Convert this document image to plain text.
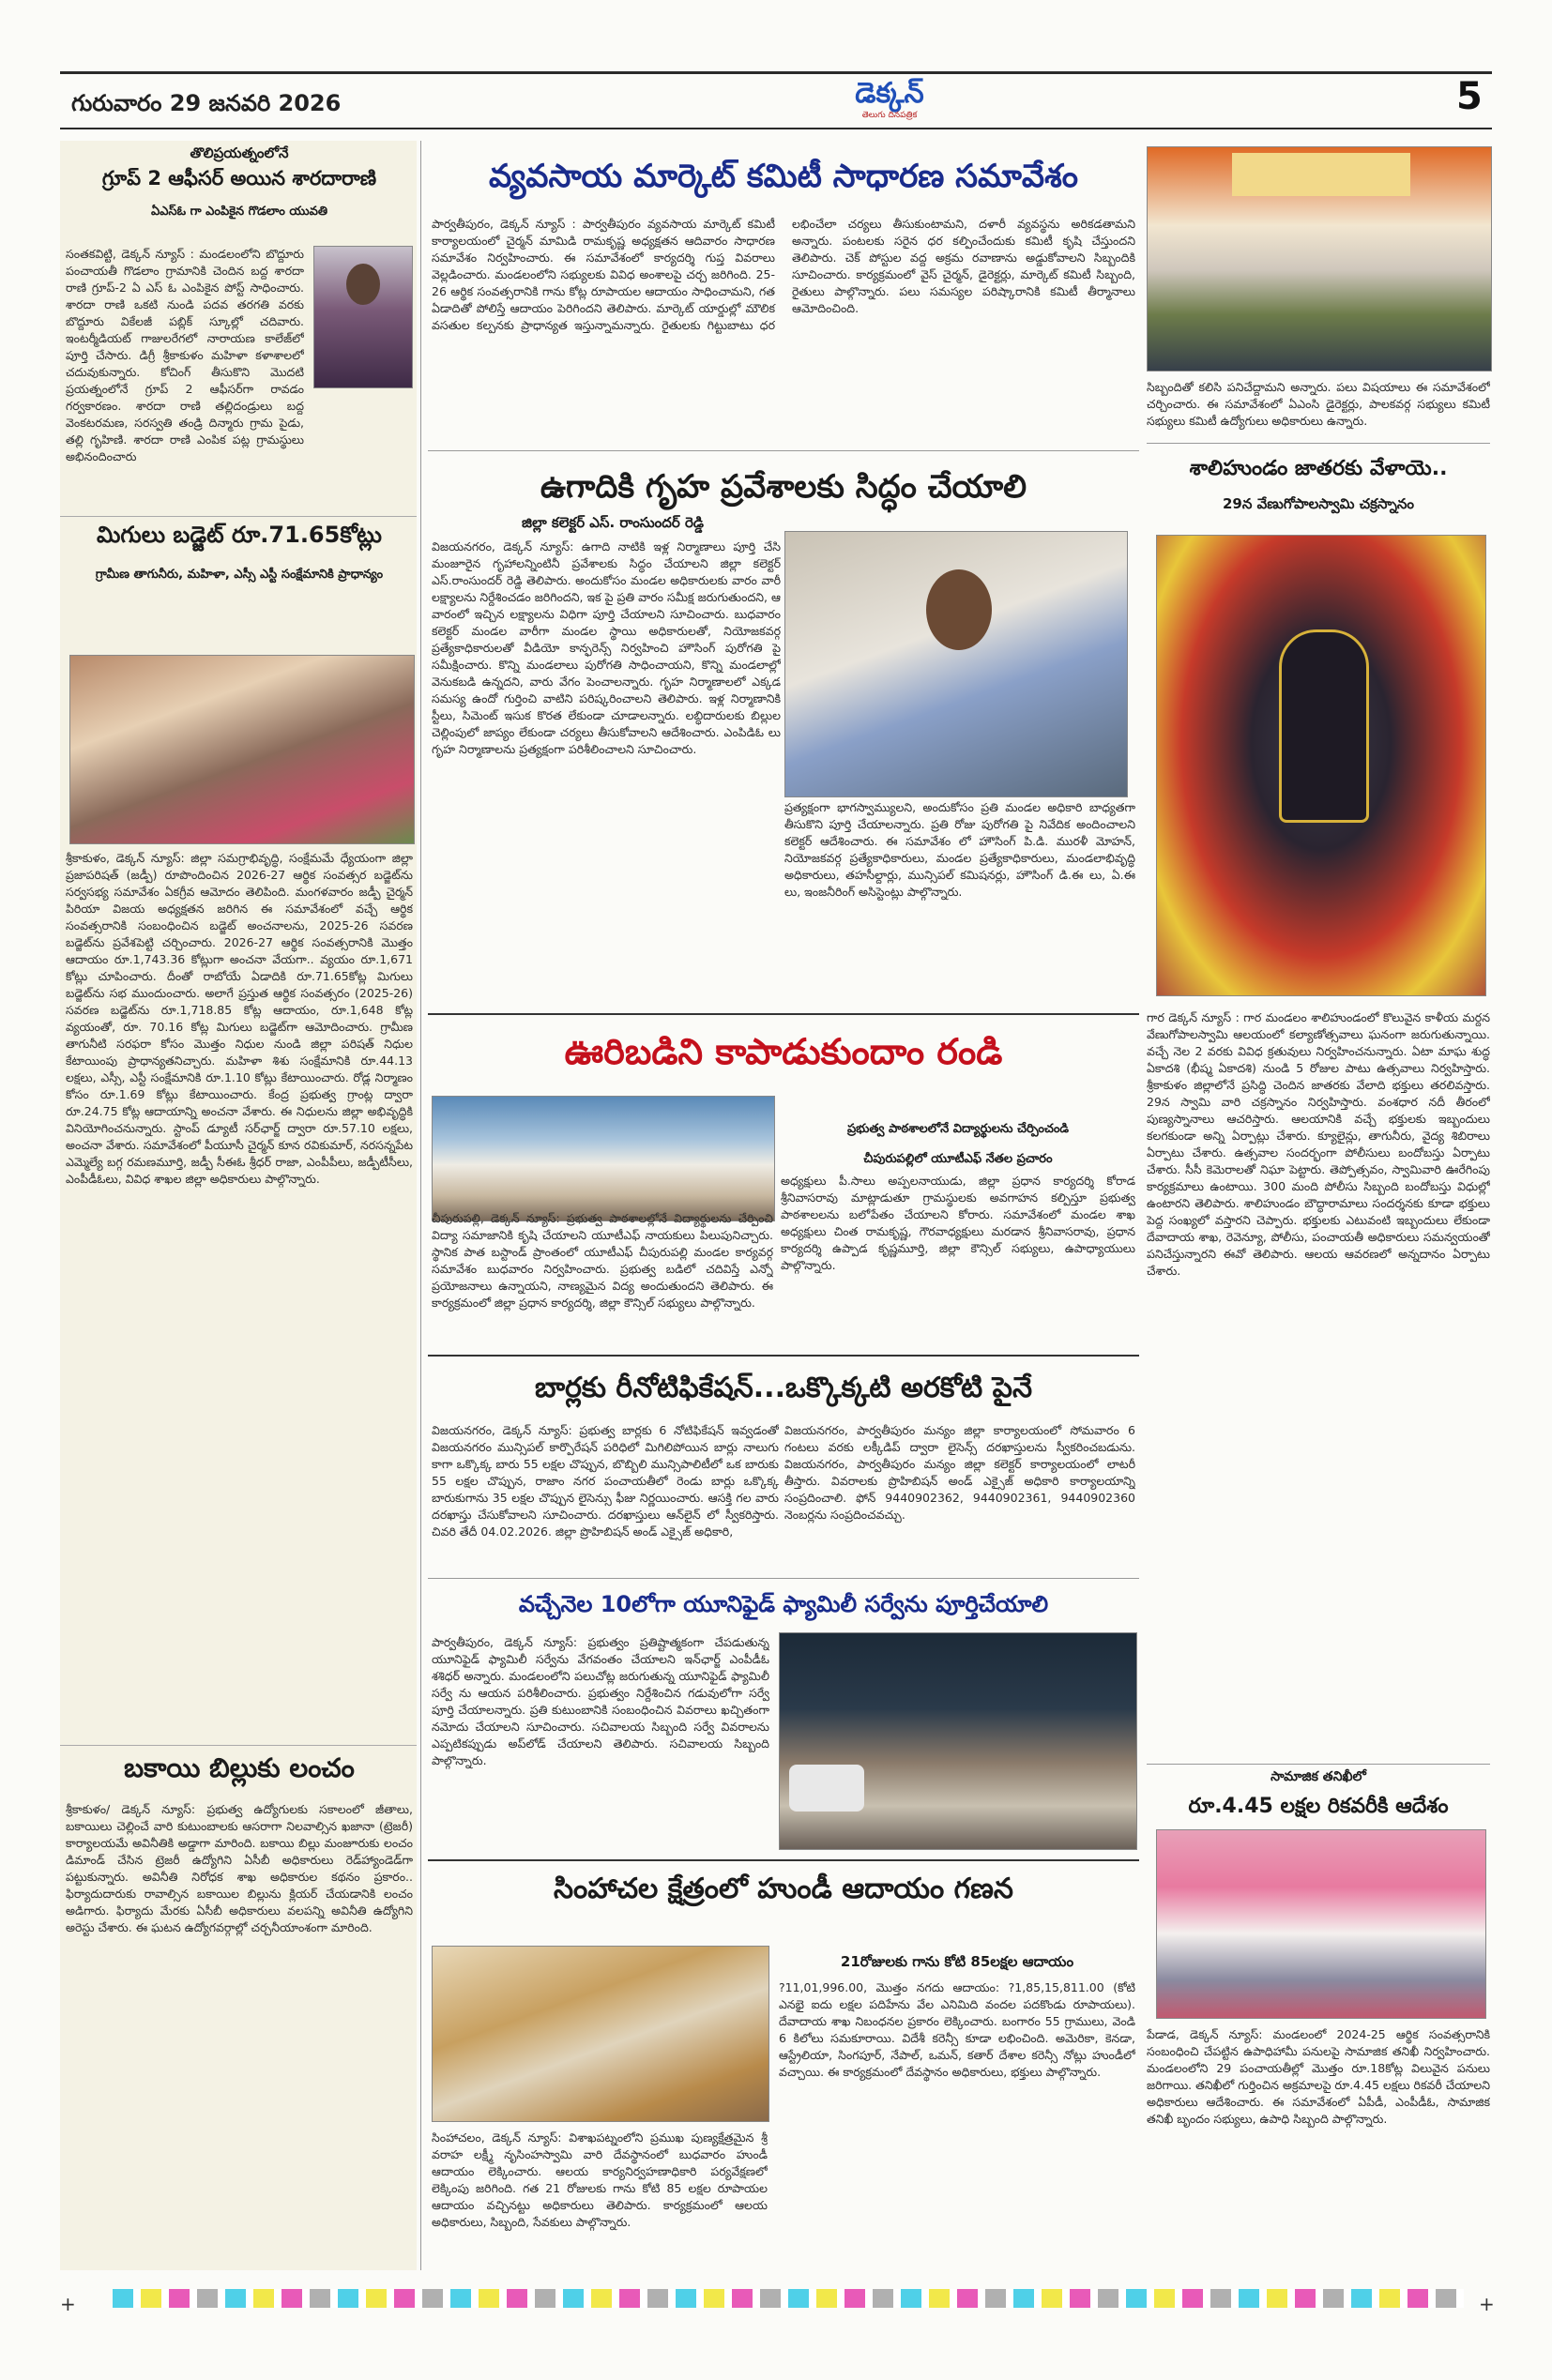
గురువారం 29 జనవరి 2026	డెక్కన్
తెలుగు దినపత్రిక	5
తొలిప్రయత్నంలోనే
గ్రూప్ 2 ఆఫీసర్ అయిన శారదారాణి
ఏఎస్‌ఓ గా ఎంపికైన గొడలాం యువతి
సంతకవిట్టి, డెక్కన్ న్యూస్ : మండలంలోని బొద్దూరు పంచాయతీ గొడలాం గ్రామానికి చెందిన బద్ద శారదా రాణి గ్రూప్-2 ఏ ఎస్ ఓ ఎంపికైన పోస్ట్ సాధించారు. శారదా రాణి ఒకటి నుండి పదవ తరగతి వరకు బొద్దూరు వికేలజీ పబ్లిక్ స్కూల్లో చదివారు. ఇంటర్మీడియట్ గాజులరేగ‌లో నారాయణ కాలేజ్‌లో పూర్తి చేసారు. డిగ్రీ శ్రీకాకుళం మహిళా కళాశాలలో చదువుకున్నారు. కోచింగ్ తీసుకొని మొదటి ప్రయత్నంలోనే గ్రూప్ 2 ఆఫీసర్‌గా రావడం గర్వకారణం. శారదా రాణి తల్లిదండ్రులు బద్ద వెంకటరమణ, సరస్వతి తండ్రి దిన్మారు గ్రామ పైడు, తల్లి గృహిణి. శారదా రాణి ఎంపిక పట్ల గ్రామస్థులు అభినందించారు
మిగులు బడ్జెట్ రూ.71.65కోట్లు
గ్రామీణ తాగునీరు, మహిళా, ఎస్సీ ఎస్టీ సంక్షేమానికి ప్రాధాన్యం
శ్రీకాకుళం, డెక్కన్ న్యూస్: జిల్లా సమగ్రాభివృద్ధి, సంక్షేమమే ధ్యేయంగా జిల్లా ప్రజాపరిషత్ (జడ్పీ) రూపొందించిన 2026-27 ఆర్థిక సంవత్సర బడ్జెట్‌ను సర్వసభ్య సమావేశం ఏకగ్రీవ ఆమోదం తెలిపింది. మంగళవారం జడ్పీ చైర్మన్ పిరియా విజయ అధ్యక్షతన జరిగిన ఈ సమావేశంలో వచ్చే ఆర్థిక సంవత్సరానికి సంబంధించిన బడ్జెట్ అంచనాలను, 2025-26 సవరణ బడ్జెట్‌ను ప్రవేశపెట్టి చర్చించారు. 2026-27 ఆర్థిక సంవత్సరానికి మొత్తం ఆదాయం రూ.1,743.36 కోట్లుగా అంచనా వేయగా.. వ్యయం రూ.1,671 కోట్లు చూపించారు. దీంతో రాబోయే ఏడాదికి రూ.71.65కోట్ల మిగులు బడ్జెట్‌ను సభ ముందుంచారు. అలాగే ప్రస్తుత ఆర్థిక సంవత్సరం (2025-26) సవరణ బడ్జెట్‌ను రూ.1,718.85 కోట్ల ఆదాయం, రూ.1,648 కోట్ల వ్యయంతో, రూ. 70.16 కోట్ల మిగులు బడ్జెట్‌గా ఆమోదించారు. గ్రామీణ తాగునీటి సరఫరా కోసం మొత్తం నిధుల నుండి జిల్లా పరిషత్ నిధుల కేటాయింపు ప్రాధాన్యతనిచ్చారు. మహిళా శిశు సంక్షేమానికి రూ.44.13 లక్షలు, ఎస్సీ, ఎస్టీ సంక్షేమానికి రూ.1.10 కోట్లు కేటాయించారు. రోడ్ల నిర్మాణం కోసం రూ.1.69 కోట్లు కేటాయించారు. కేంద్ర ప్రభుత్వ గ్రాంట్ల ద్వారా రూ.24.75 కోట్ల ఆదాయాన్ని అంచనా వేశారు. ఈ నిధులను జిల్లా అభివృద్ధికి వినియోగించనున్నారు. స్టాంప్ డ్యూటీ సర్‌ఛార్జ్ ద్వారా రూ.57.10 లక్షలు, అంచనా వేశారు. సమావేశంలో పీయూసీ చైర్మన్ కూన రవికుమార్, నరసన్నపేట ఎమ్మెల్యే బగ్గ రమణమూర్తి, జడ్పీ సీఈఓ శ్రీధర్ రాజా, ఎంపీపీలు, జడ్పీటీసీలు, ఎంపీడీఓలు, వివిధ శాఖల జిల్లా అధికారులు పాల్గొన్నారు.
బకాయి బిల్లుకు లంచం
శ్రీకాకుళం/ డెక్కన్ న్యూస్: ప్రభుత్వ ఉద్యోగులకు సకాలంలో జీతాలు, బకాయిలు చెల్లించే వారి కుటుంబాలకు ఆసరాగా నిలవాల్సిన ఖజానా (ట్రెజరీ) కార్యాలయమే అవినీతికి అడ్డాగా మారింది. బకాయి బిల్లు మంజూరుకు లంచం డిమాండ్ చేసిన ట్రెజరీ ఉద్యోగిని ఏసీబీ అధికారులు రెడ్‌హ్యాండెడ్‌గా పట్టుకున్నారు. అవినీతి నిరోధక శాఖ అధికారుల కథనం ప్రకారం.. ఫిర్యాదుదారుకు రావాల్సిన బకాయిల బిల్లును క్లియర్ చేయడానికి లంచం అడిగారు. ఫిర్యాదు మేరకు ఏసీబీ అధికారులు వలపన్ని అవినీతి ఉద్యోగిని అరెస్టు చేశారు. ఈ ఘటన ఉద్యోగవర్గాల్లో చర్చనీయాంశంగా మారింది.
వ్యవసాయ మార్కెట్ కమిటీ సాధారణ సమావేశం
పార్వతీపురం, డెక్కన్ న్యూస్ : పార్వతీపురం వ్యవసాయ మార్కెట్ కమిటీ కార్యాలయంలో చైర్మన్ మామిడి రామకృష్ణ అధ్యక్షతన ఆదివారం సాధారణ సమావేశం నిర్వహించారు. ఈ సమావేశంలో కార్యదర్శి గుప్త వివరాలు వెల్లడించారు. మండలంలోని సభ్యులకు వివిధ అంశాలపై చర్చ జరిగింది. 25-26 ఆర్థిక సంవత్సరానికి గాను కోట్ల రూపాయల ఆదాయం సాధించామని, గత ఏడాదితో పోలిస్తే ఆదాయం పెరిగిందని తెలిపారు. మార్కెట్ యార్డుల్లో మౌలిక వసతుల కల్పనకు ప్రాధాన్యత ఇస్తున్నామన్నారు. రైతులకు గిట్టుబాటు ధర లభించేలా చర్యలు తీసుకుంటామని, దళారీ వ్యవస్థను అరికడతామని అన్నారు. పంటలకు సరైన ధర కల్పించేందుకు కమిటీ కృషి చేస్తుందని తెలిపారు. చెక్ పోస్టుల వద్ద అక్రమ రవాణాను అడ్డుకోవాలని సిబ్బందికి సూచించారు. కార్యక్రమంలో వైస్ చైర్మన్, డైరెక్టర్లు, మార్కెట్ కమిటీ సిబ్బంది, రైతులు పాల్గొన్నారు. పలు సమస్యల పరిష్కారానికి కమిటీ తీర్మానాలు ఆమోదించింది.
సిబ్బందితో కలిసి పనిచేద్దామని అన్నారు. పలు విషయాలు ఈ సమావేశంలో చర్చించారు. ఈ సమావేశంలో ఏఎంసి డైరెక్టర్లు, పాలకవర్గ సభ్యులు కమిటీ సభ్యులు కమిటీ ఉద్యోగులు అధికారులు ఉన్నారు.
ఉగాదికి గృహ ప్రవేశాలకు సిద్ధం చేయాలి
జిల్లా కలెక్టర్ ఎస్. రాంసుందర్ రెడ్డి
విజయనగరం, డెక్కన్ న్యూస్: ఉగాది నాటికి ఇళ్ల నిర్మాణాలు పూర్తి చేసి మంజూరైన గృహాలన్నింటినీ ప్రవేశాలకు సిద్ధం చేయాలని జిల్లా కలెక్టర్ ఎస్.రాంసుందర్ రెడ్డి తెలిపారు. అందుకోసం మండల అధికారులకు వారం వారీ లక్ష్యాలను నిర్దేశించడం జరిగిందని, ఇక పై ప్రతి వారం సమీక్ష జరుగుతుందని, ఆ వారంలో ఇచ్చిన లక్ష్యాలను విధిగా పూర్తి చేయాలని సూచించారు. బుధవారం కలెక్టర్ మండల వారీగా మండల స్థాయి అధికారులతో, నియోజకవర్గ ప్రత్యేకాధికారులతో వీడియో కాన్ఫరెన్స్ నిర్వహించి హౌసింగ్ పురోగతి పై సమీక్షించారు. కొన్ని మండలాలు పురోగతి సాధించాయని, కొన్ని మండలాల్లో వెనుకబడి ఉన్నదని, వారు వేగం పెంచాలన్నారు. గృహ నిర్మాణాలలో ఎక్కడ సమస్య ఉందో గుర్తించి వాటిని పరిష్కరించాలని తెలిపారు. ఇళ్ల నిర్మాణానికి స్టీలు, సిమెంట్ ఇసుక కొరత లేకుండా చూడాలన్నారు. లబ్ధిదారులకు బిల్లుల చెల్లింపులో జాప్యం లేకుండా చర్యలు తీసుకోవాలని ఆదేశించారు. ఎంపిడిఓ లు గృహ నిర్మాణాలను ప్రత్యక్షంగా పరిశీలించాలని సూచించారు.
ప్రత్యక్షంగా భాగస్వామ్యులని, అందుకోసం ప్రతి మండల అధికారి బాధ్యతగా తీసుకొని పూర్తి చేయాలన్నారు. ప్రతి రోజు పురోగతి పై నివేదిక అందించాలని కలెక్టర్ ఆదేశించారు. ఈ సమావేశం లో హౌసింగ్ పి.డి. మురళీ మోహన్, నియోజకవర్గ ప్రత్యేకాధికారులు, మండల ప్రత్యేకాధికారులు, మండలాభివృద్ధి అధికారులు, తహసీల్దార్లు, మున్సిపల్ కమిషనర్లు, హౌసింగ్ డి.ఈ లు, ఏ.ఈ లు, ఇంజనీరింగ్ అసిస్టెంట్లు పాల్గొన్నారు.
శాలిహుండం జాతరకు వేళాయె..
29న వేణుగోపాలస్వామి చక్రస్నానం
గార డెక్కన్ న్యూస్ : గార మండలం శాలిహుండంలో కొలువైన కాళీయ మర్దన వేణుగోపాలస్వామి ఆలయంలో కల్యాణోత్సవాలు ఘనంగా జరుగుతున్నాయి. వచ్చే నెల 2 వరకు వివిధ క్రతువులు నిర్వహించనున్నారు. ఏటా మాఘ శుద్ధ ఏకాదశి (భీష్మ ఏకాదశి) నుండి 5 రోజుల పాటు ఉత్సవాలు నిర్వహిస్తారు. శ్రీకాకుళం జిల్లాలోనే ప్రసిద్ధి చెందిన జాతరకు వేలాది భక్తులు తరలివస్తారు. 29న స్వామి వారి చక్రస్నానం నిర్వహిస్తారు. వంశధార నదీ తీరంలో పుణ్యస్నానాలు ఆచరిస్తారు. ఆలయానికి వచ్చే భక్తులకు ఇబ్బందులు కలగకుండా అన్ని ఏర్పాట్లు చేశారు. క్యూలైన్లు, తాగునీరు, వైద్య శిబిరాలు ఏర్పాటు చేశారు. ఉత్సవాల సందర్భంగా పోలీసులు బందోబస్తు ఏర్పాటు చేశారు. సీసీ కెమెరాలతో నిఘా పెట్టారు. తెప్పోత్సవం, స్వామివారి ఊరేగింపు కార్యక్రమాలు ఉంటాయి. 300 మంది పోలీసు సిబ్బంది బందోబస్తు విధుల్లో ఉంటారని తెలిపారు. శాలిహుండం బౌద్ధారామాలు సందర్శనకు కూడా భక్తులు పెద్ద సంఖ్యలో వస్తారని చెప్పారు. భక్తులకు ఎటువంటి ఇబ్బందులు లేకుండా దేవాదాయ శాఖ, రెవెన్యూ, పోలీసు, పంచాయతీ అధికారులు సమన్వయంతో పనిచేస్తున్నారని ఈవో తెలిపారు. ఆలయ ఆవరణలో అన్నదానం ఏర్పాటు చేశారు.
సామాజిక తనిఖీలో
రూ.4.45 లక్షల రికవరీకి ఆదేశం
పేడాడ, డెక్కన్ న్యూస్: మండలంలో 2024-25 ఆర్థిక సంవత్సరానికి సంబంధించి చేపట్టిన ఉపాధిహామీ పనులపై సామాజిక తనిఖీ నిర్వహించారు. మండలంలోని 29 పంచాయతీల్లో మొత్తం రూ.18కోట్ల విలువైన పనులు జరిగాయి. తనిఖీలో గుర్తించిన అక్రమాలపై రూ.4.45 లక్షలు రికవరీ చేయాలని అధికారులు ఆదేశించారు. ఈ సమావేశంలో ఏపీడీ, ఎంపీడీఓ, సామాజిక తనిఖీ బృందం సభ్యులు, ఉపాధి సిబ్బంది పాల్గొన్నారు.
ఊరిబడిని కాపాడుకుందాం రండి
చీపురుపల్లి, డెక్కన్ న్యూస్: ప్రభుత్వ పాఠశాలల్లోనే విద్యార్థులను చేర్పించి విద్యా సమాజానికి కృషి చేయాలని యూటీఎఫ్ నాయకులు పిలుపునిచ్చారు. స్థానిక పాత బస్టాండ్ ప్రాంతంలో యూటీఎఫ్ చీపురుపల్లి మండల కార్యవర్గ సమావేశం బుధవారం నిర్వహించారు. ప్రభుత్వ బడిలో చదివిస్తే ఎన్నో ప్రయోజనాలు ఉన్నాయని, నాణ్యమైన విద్య అందుతుందని తెలిపారు. ఈ కార్యక్రమంలో జిల్లా ప్రధాన కార్యదర్శి, జిల్లా కౌన్సిల్ సభ్యులు పాల్గొన్నారు.
ప్రభుత్వ పాఠశాలలోనే విద్యార్థులను చేర్పించండి
చీపురుపల్లిలో యూటీఎఫ్ నేతల ప్రచారం
అధ్యక్షులు పీ.సాలు అప్పలనాయుడు, జిల్లా ప్రధాన కార్యదర్శి కోరాడ శ్రీనివాసరావు మాట్లాడుతూ గ్రామస్థులకు అవగాహన కల్పిస్తూ ప్రభుత్వ పాఠశాలలను బలోపేతం చేయాలని కోరారు. సమావేశంలో మండల శాఖ అధ్యక్షులు చింత రామకృష్ణ, గౌరవాధ్యక్షులు మరడాన శ్రీనివాసరావు, ప్రధాన కార్యదర్శి ఉప్పాడ కృష్ణమూర్తి, జిల్లా కౌన్సిల్ సభ్యులు, ఉపాధ్యాయులు పాల్గొన్నారు.
బార్లకు రీనోటిఫికేషన్...ఒక్కొక్కటి అరకోటి పైనే
విజయనగరం, డెక్కన్ న్యూస్: ప్రభుత్వ బార్లకు 6 నోటిఫికేషన్ ఇవ్వడంతో విజయనగరం మున్సిపల్ కార్పొరేషన్ పరిధిలో మిగిలిపోయిన బార్లు నాలుగు కాగా ఒక్కొక్క బారు 55 లక్షల చొప్పున, బొబ్బిలి మున్సిపాలిటీలో ఒక బారుకు 55 లక్షల చొప్పున, రాజాం నగర పంచాయతీలో రెండు బార్లు ఒక్కొక్క బారుకుగాను 35 లక్షల చొప్పున లైసెన్సు ఫీజు నిర్ణయించారు. ఆసక్తి గల వారు దరఖాస్తు చేసుకోవాలని సూచించారు. దరఖాస్తులు ఆన్‌లైన్ లో స్వీకరిస్తారు. చివరి తేదీ 04.02.2026. జిల్లా ప్రొహిబిషన్ అండ్ ఎక్సైజ్ అధికారి,
విజయనగరం, పార్వతీపురం మన్యం జిల్లా కార్యాలయంలో సోమవారం 6 గంటలు వరకు లక్కీడిప్ ద్వారా లైసెన్స్ దరఖాస్తులను స్వీకరించబడును. విజయనగరం, పార్వతీపురం మన్యం జిల్లా కలెక్టర్ కార్యాలయంలో లాటరీ తీస్తారు. వివరాలకు ప్రొహిబిషన్ అండ్ ఎక్సైజ్ అధికారి కార్యాలయాన్ని సంప్రదించాలి. ఫోన్ 9440902362, 9440902361, 9440902360 నెంబర్లను సంప్రదించవచ్చు.
వచ్చేనెల 10లోగా యూనిఫైడ్ ఫ్యామిలీ సర్వేను పూర్తిచేయాలి
పార్వతీపురం, డెక్కన్ న్యూస్: ప్రభుత్వం ప్రతిష్టాత్మకంగా చేపడుతున్న యూనిఫైడ్ ఫ్యామిలీ సర్వేను వేగవంతం చేయాలని ఇన్‌ఛార్జ్ ఎంపీడీఓ శశిధర్ అన్నారు. మండలంలోని పలుచోట్ల జరుగుతున్న యూనిఫైడ్ ఫ్యామిలీ సర్వే ను ఆయన పరిశీలించారు. ప్రభుత్వం నిర్దేశించిన గడువులోగా సర్వే పూర్తి చేయాలన్నారు. ప్రతి కుటుంబానికి సంబంధించిన వివరాలు ఖచ్చితంగా నమోదు చేయాలని సూచించారు. సచివాలయ సిబ్బంది సర్వే వివరాలను ఎప్పటికప్పుడు అప్‌లోడ్ చేయాలని తెలిపారు. సచివాలయ సిబ్బంది పాల్గొన్నారు.
సింహాచల క్షేత్రంలో హుండీ ఆదాయం గణన
21రోజులకు గాను కోటి 85లక్షల ఆదాయం
సింహాచలం, డెక్కన్ న్యూస్: విశాఖపట్నంలోని ప్రముఖ పుణ్యక్షేత్రమైన శ్రీ వరాహ లక్ష్మీ నృసింహస్వామి వారి దేవస్థానంలో బుధవారం హుండీ ఆదాయం లెక్కించారు. ఆలయ కార్యనిర్వహణాధికారి పర్యవేక్షణలో లెక్కింపు జరిగింది. గత 21 రోజులకు గాను కోటి 85 లక్షల రూపాయల ఆదాయం వచ్చినట్టు అధికారులు తెలిపారు. కార్యక్రమంలో ఆలయ అధికారులు, సిబ్బంది, సేవకులు పాల్గొన్నారు.
?11,01,996.00, మొత్తం నగదు ఆదాయం: ?1,85,15,811.00 (కోటి ఎనభై ఐదు లక్షల పదిహేను వేల ఎనిమిది వందల పదకొండు రూపాయలు). దేవాదాయ శాఖ నిబంధనల ప్రకారం లెక్కించారు. బంగారం 55 గ్రాములు, వెండి 6 కిలోలు సమకూరాయి. విదేశీ కరెన్సీ కూడా లభించింది. అమెరికా, కెనడా, ఆస్ట్రేలియా, సింగపూర్, నేపాల్, ఒమన్, కతార్ దేశాల కరెన్సీ నోట్లు హుండీలో వచ్చాయి. ఈ కార్యక్రమంలో దేవస్థానం అధికారులు, భక్తులు పాల్గొన్నారు.
+	+
